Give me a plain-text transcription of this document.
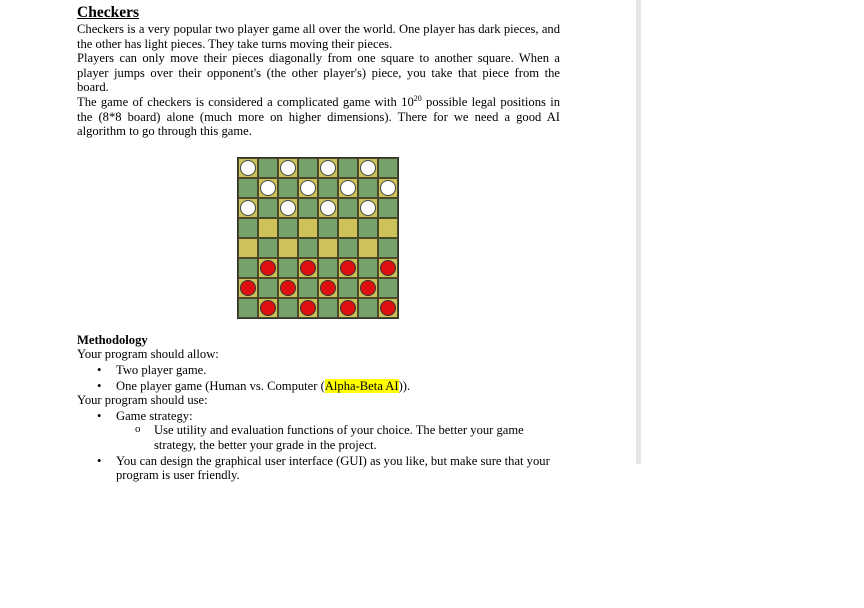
Checkers

Checkers is a very popular two player game all over the world. One player has dark pieces, and the other has light pieces. They take turns moving their pieces.

Players can only move their pieces diagonally from one square to another square. When a player jumps over their opponent's (the other player's) piece, you take that piece from the board.

The game of checkers is considered a complicated game with $10^{20}$ possible legal positions in the (8*8 board) alone (much more on higher dimensions). There for we need a good AI algorithm to go through this game.

Methodology

Your program should allow:

• Two player game.
• One player game (Human vs. Computer (Alpha-Beta AI)).

Your program should use:

• Game strategy:
o Use utility and evaluation functions of your choice. The better your game strategy, the better your grade in the project.
• You can design the graphical user interface (GUI) as you like, but make sure that your program is user friendly.
